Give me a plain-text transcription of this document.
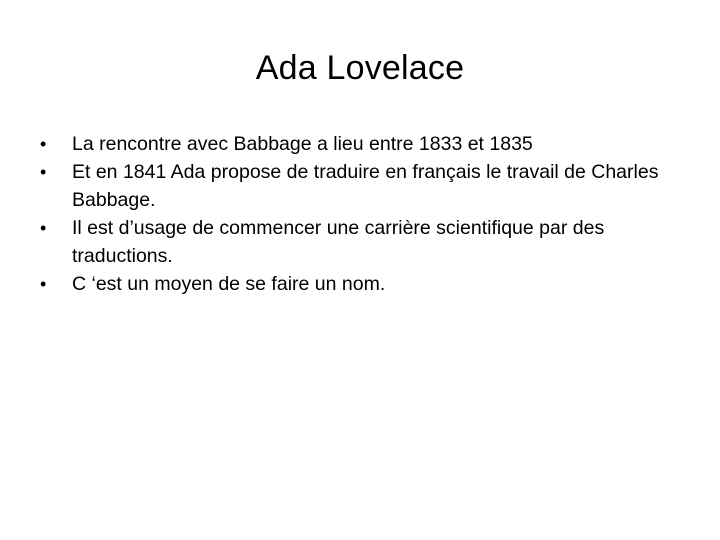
Ada Lovelace
• La rencontre avec Babbage a lieu entre 1833 et 1835
• Et en 1841 Ada propose de traduire en français le travail de Charles Babbage.
• Il est d’usage de commencer une carrière scientifique par des traductions.
• C ‘est un moyen de se faire un nom.
